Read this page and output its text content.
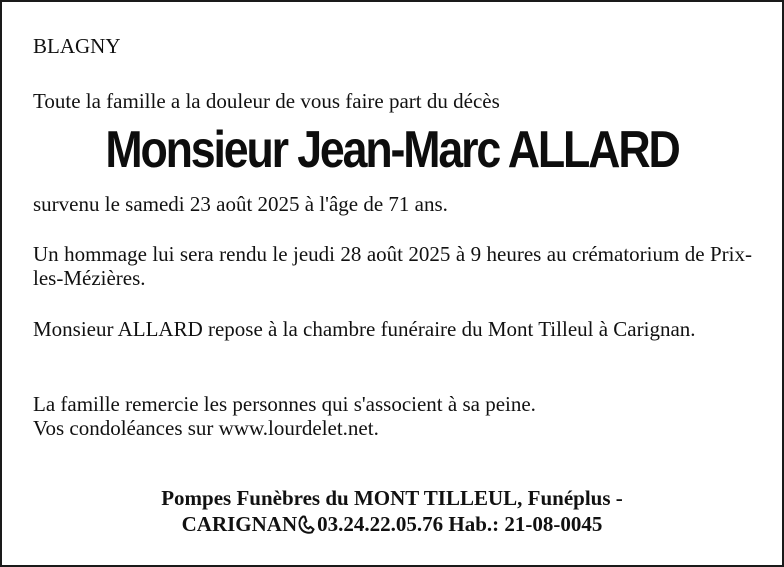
BLAGNY
Toute la famille a la douleur de vous faire part du décès
Monsieur Jean-Marc ALLARD
survenu le samedi 23 août 2025 à l'âge de 71 ans.
Un hommage lui sera rendu le jeudi 28 août 2025 à 9 heures au crématorium de Prix-les-Mézières.
Monsieur ALLARD repose à la chambre funéraire du Mont Tilleul à Carignan.
La famille remercie les personnes qui s'associent à sa peine.
Vos condoléances sur www.lourdelet.net.
Pompes Funèbres du MONT TILLEUL, Funéplus -
CARIGNAN 03.24.22.05.76 Hab.: 21-08-0045
